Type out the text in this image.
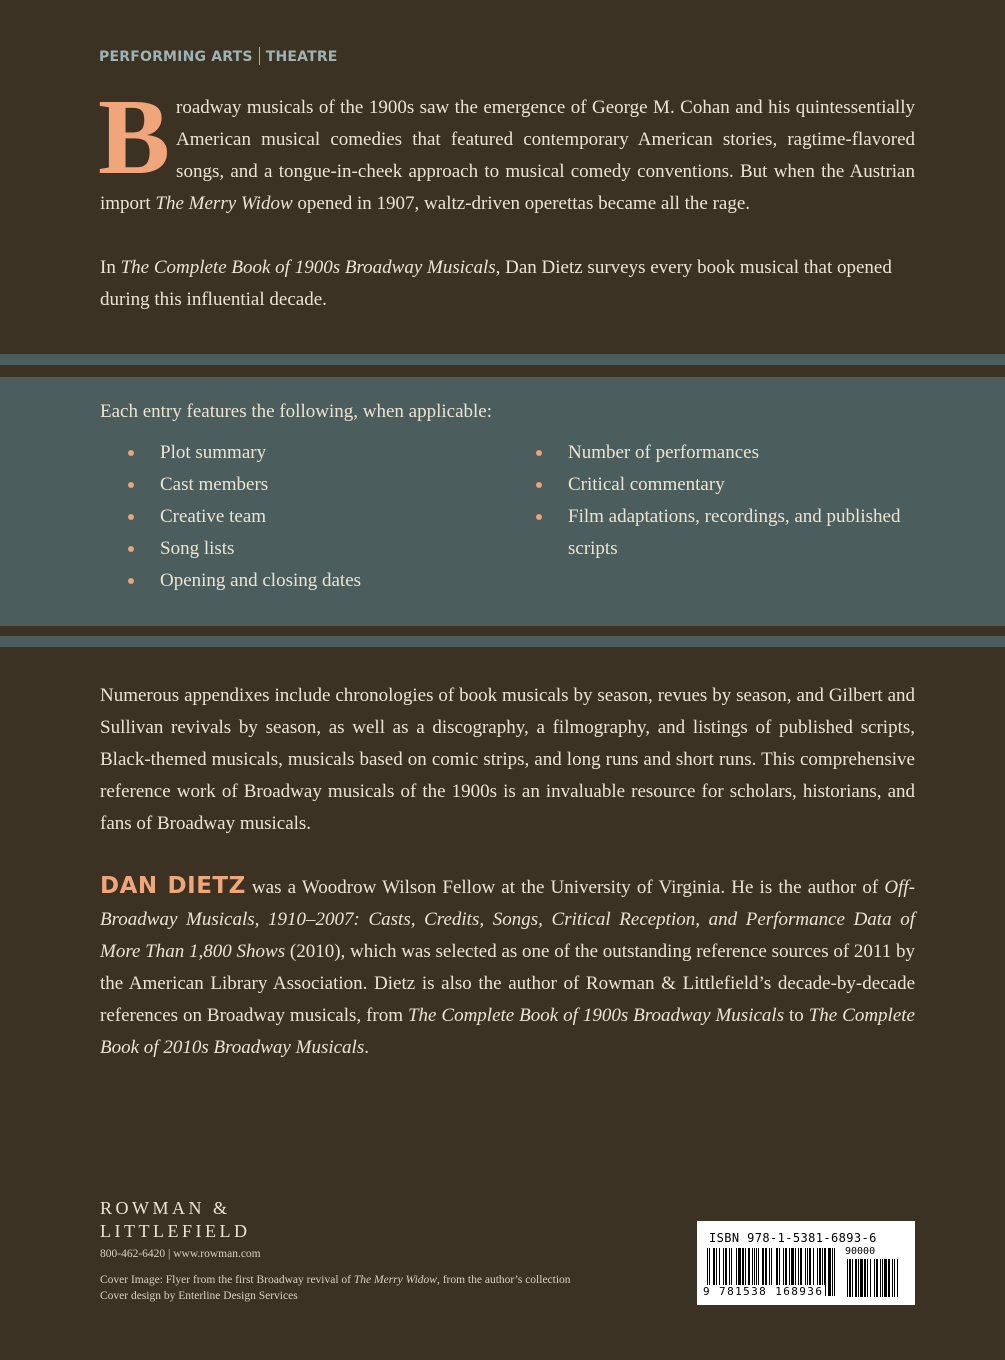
PERFORMING ARTS THEATRE

Broadway musicals of the 1900s saw the emergence of George M. Cohan and his quintessentially American musical comedies that featured contemporary American stories, ragtime-flavored songs, and a tongue-in-cheek approach to musical comedy conventions. But when the Austrian import The Merry Widow opened in 1907, waltz-driven operettas became all the rage.

In The Complete Book of 1900s Broadway Musicals, Dan Dietz surveys every book musical that opened during this influential decade.

Each entry features the following, when applicable:

Plot summary
Cast members
Creative team
Song lists
Opening and closing dates
Number of performances
Critical commentary
Film adaptations, recordings, and published scripts

Numerous appendixes include chronologies of book musicals by season, revues by season, and Gilbert and Sullivan revivals by season, as well as a discography, a filmography, and listings of published scripts, Black-themed musicals, musicals based on comic strips, and long runs and short runs. This comprehensive reference work of Broadway musicals of the 1900s is an invaluable resource for scholars, historians, and fans of Broadway musicals.

DAN DIETZ was a Woodrow Wilson Fellow at the University of Virginia. He is the author of Off-Broadway Musicals, 1910–2007: Casts, Credits, Songs, Critical Reception, and Performance Data of More Than 1,800 Shows (2010), which was selected as one of the outstanding reference sources of 2011 by the American Library Association. Dietz is also the author of Rowman & Littlefield’s decade-by-decade references on Broadway musicals, from The Complete Book of 1900s Broadway Musicals to The Complete Book of 2010s Broadway Musicals.

ROWMAN &
LITTLEFIELD
800-462-6420 | www.rowman.com
Cover Image: Flyer from the first Broadway revival of The Merry Widow, from the author’s collection
Cover design by Enterline Design Services
ISBN 978-1-5381-6893-6
90000
9 781538 168936
